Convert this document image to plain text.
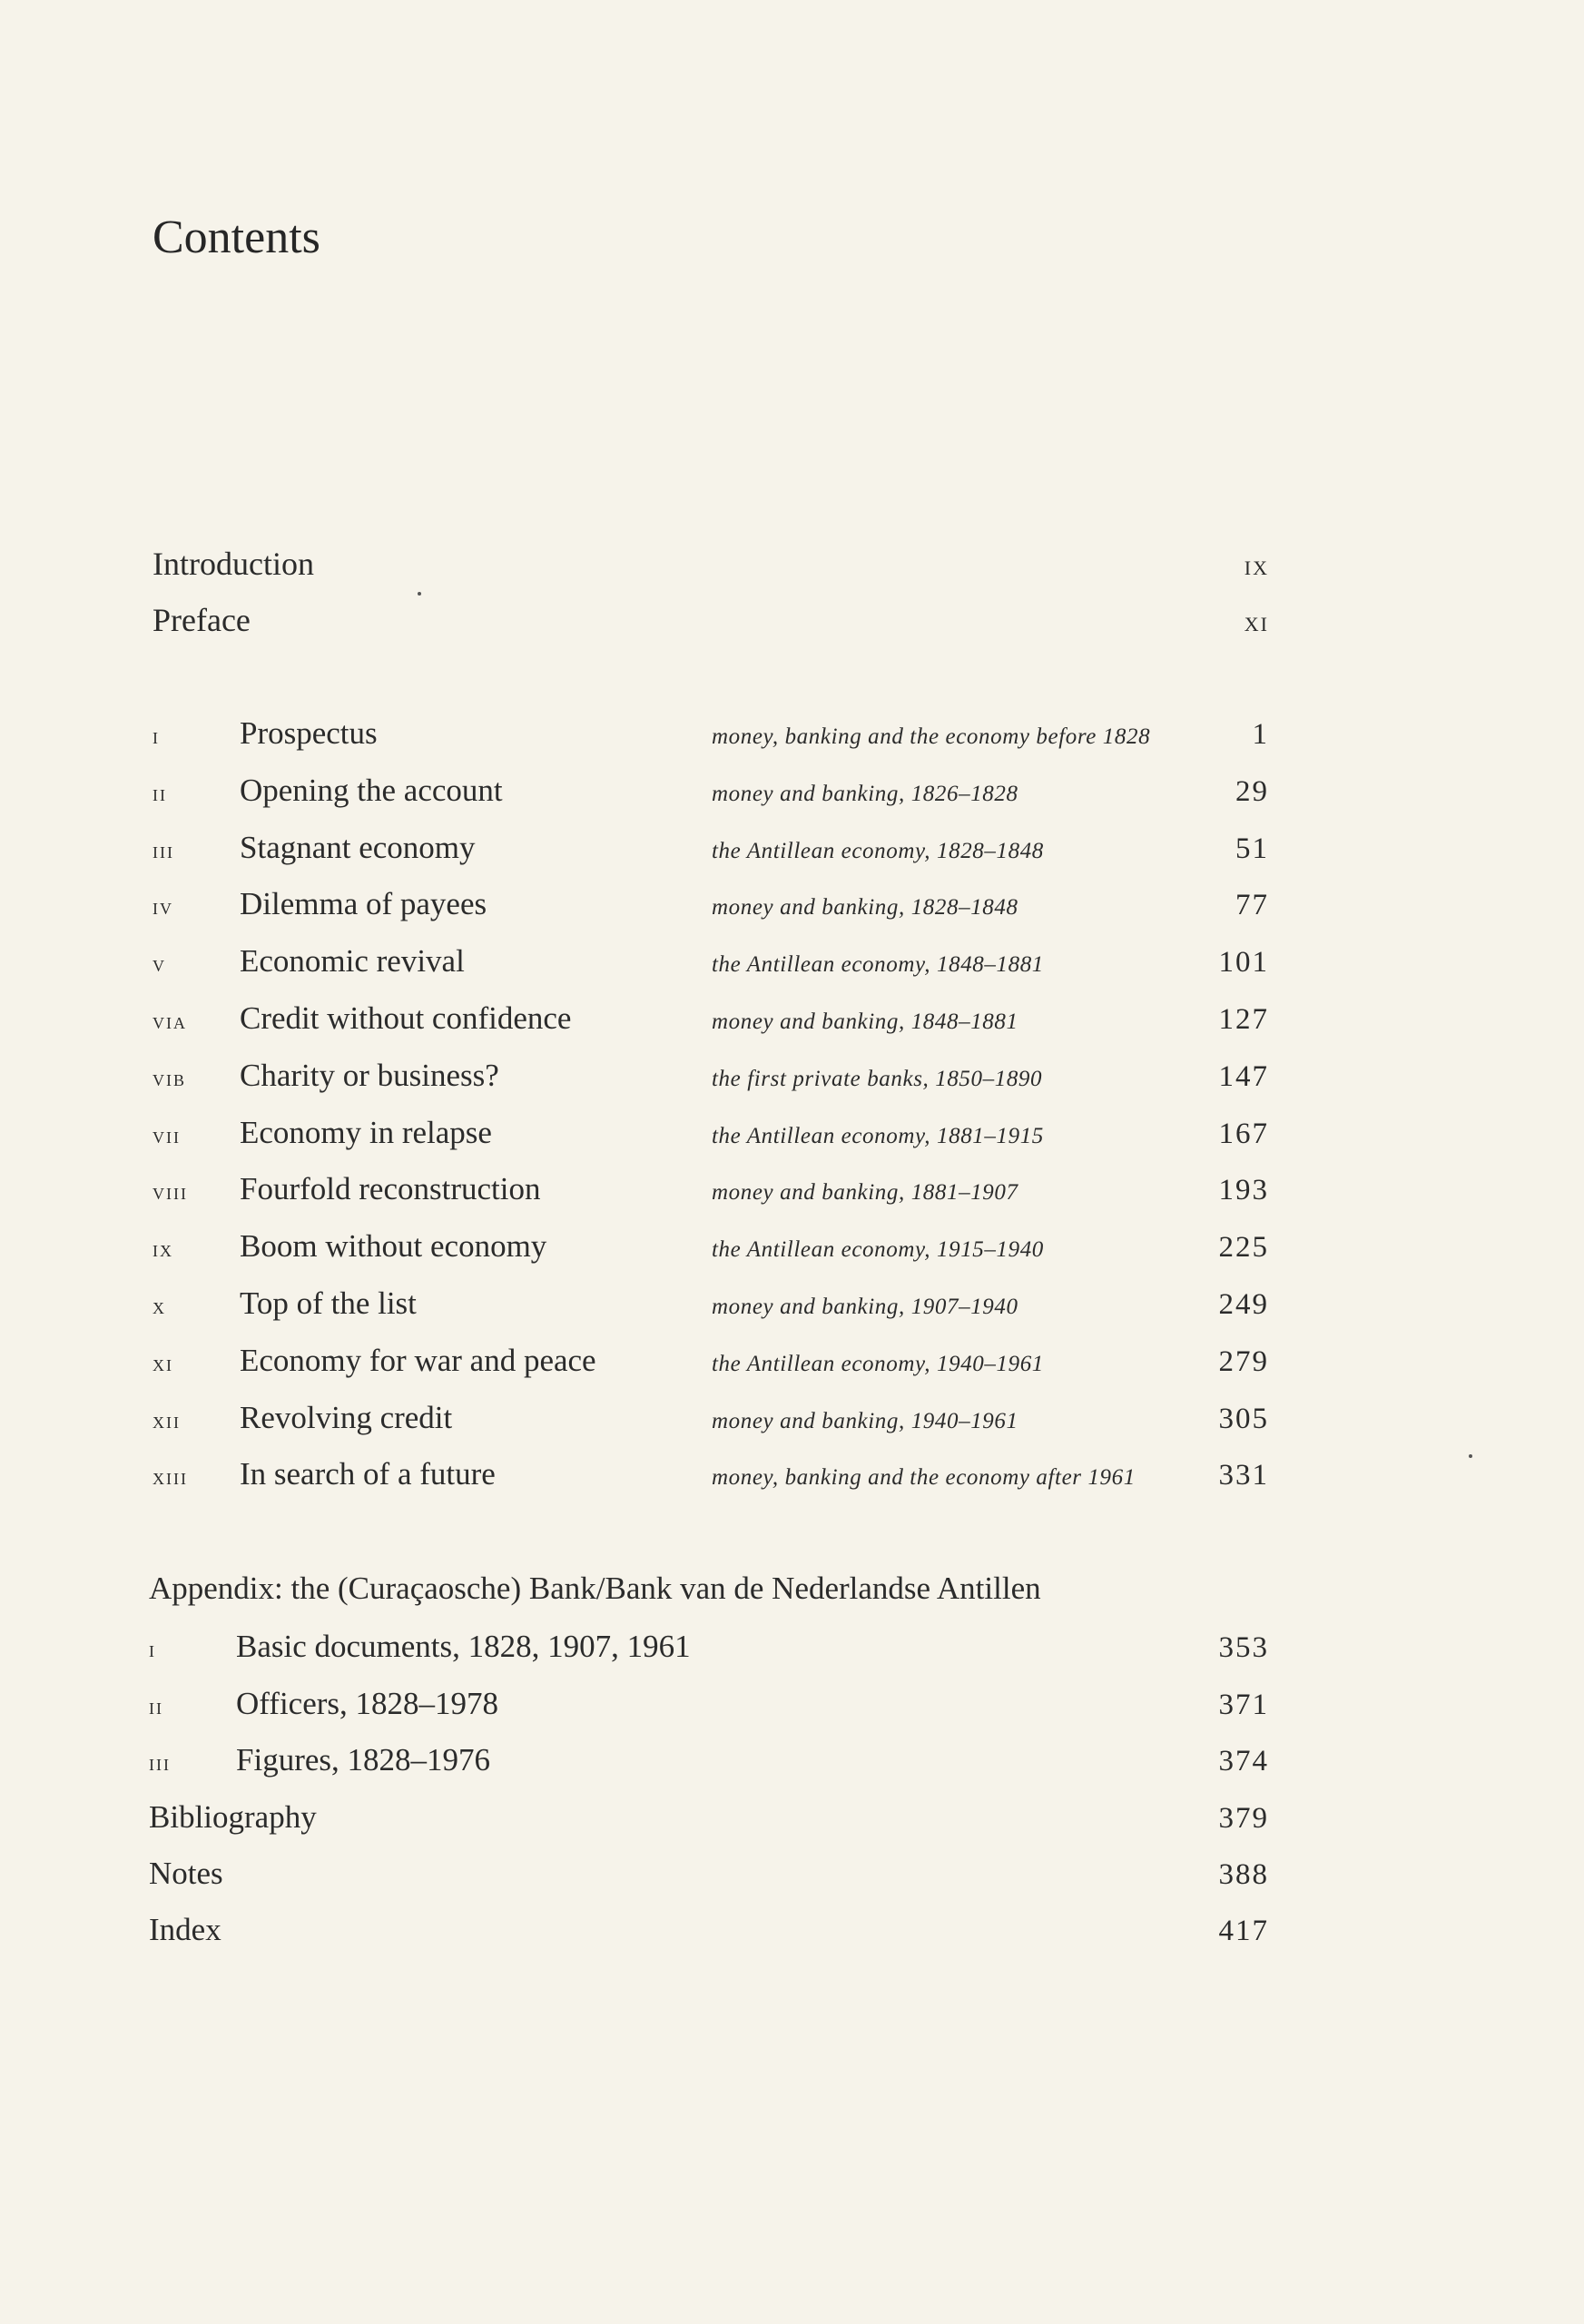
Contents
Introduction	ix
Preface	xi
i	Prospectus	money, banking and the economy before 1828	1
ii	Opening the account	money and banking, 1826–1828	29
iii	Stagnant economy	the Antillean economy, 1828–1848	51
iv	Dilemma of payees	money and banking, 1828–1848	77
v	Economic revival	the Antillean economy, 1848–1881	101
via	Credit without confidence	money and banking, 1848–1881	127
vib	Charity or business?	the first private banks, 1850–1890	147
vii	Economy in relapse	the Antillean economy, 1881–1915	167
viii	Fourfold reconstruction	money and banking, 1881–1907	193
ix	Boom without economy	the Antillean economy, 1915–1940	225
x	Top of the list	money and banking, 1907–1940	249
xi	Economy for war and peace	the Antillean economy, 1940–1961	279
xii	Revolving credit	money and banking, 1940–1961	305
xiii	In search of a future	money, banking and the economy after 1961	331
Appendix: the (Curaçaosche) Bank/Bank van de Nederlandse Antillen
i	Basic documents, 1828, 1907, 1961	353
ii	Officers, 1828–1978	371
iii	Figures, 1828–1976	374
Bibliography	379
Notes	388
Index	417
